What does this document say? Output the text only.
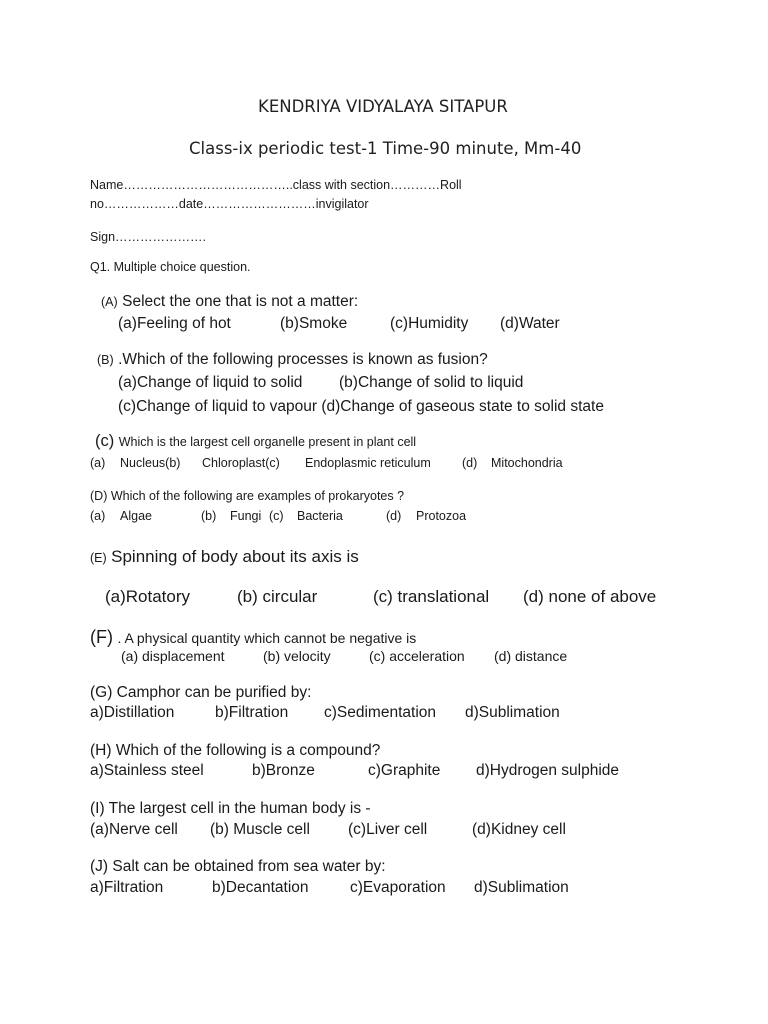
KENDRIYA VIDYALAYA SITAPUR
Class-ix periodic test-1 Time-90 minute, Mm-40
Name…………………………………..class with section…………Roll
no………………date………………………invigilator
Sign………………….
Q1. Multiple choice question.
(A) Select the one that is not a matter:
(a)Feeling of hot	(b)Smoke	(c)Humidity	(d)Water
(B) .Which of the following processes is known as fusion?
(a)Change of liquid to solid	(b)Change of solid to liquid
(c)Change of liquid to vapour (d)Change of gaseous state to solid state
(c) Which is the largest cell organelle present in plant cell
(a)	Nucleus(b)	Chloroplast(c)	Endoplasmic reticulum	(d)	Mitochondria
(D) Which of the following are examples of prokaryotes ?
(a)	Algae	(b)	Fungi (c)	Bacteria	(d)	Protozoa
(E) Spinning of body about its axis is
(a)Rotatory	(b) circular	(c) translational	(d) none of above
(F) . A physical quantity which cannot be negative is
(a) displacement	(b) velocity	(c) acceleration	(d) distance
(G) Camphor can be purified by:
a)Distillation	b)Filtration	c)Sedimentation	d)Sublimation
(H) Which of the following is a compound?
a)Stainless steel	b)Bronze	c)Graphite	d)Hydrogen sulphide
(I) The largest cell in the human body is -
(a)Nerve cell	(b) Muscle cell	(c)Liver cell	(d)Kidney cell
(J) Salt can be obtained from sea water by:
a)Filtration	b)Decantation	c)Evaporation	d)Sublimation
